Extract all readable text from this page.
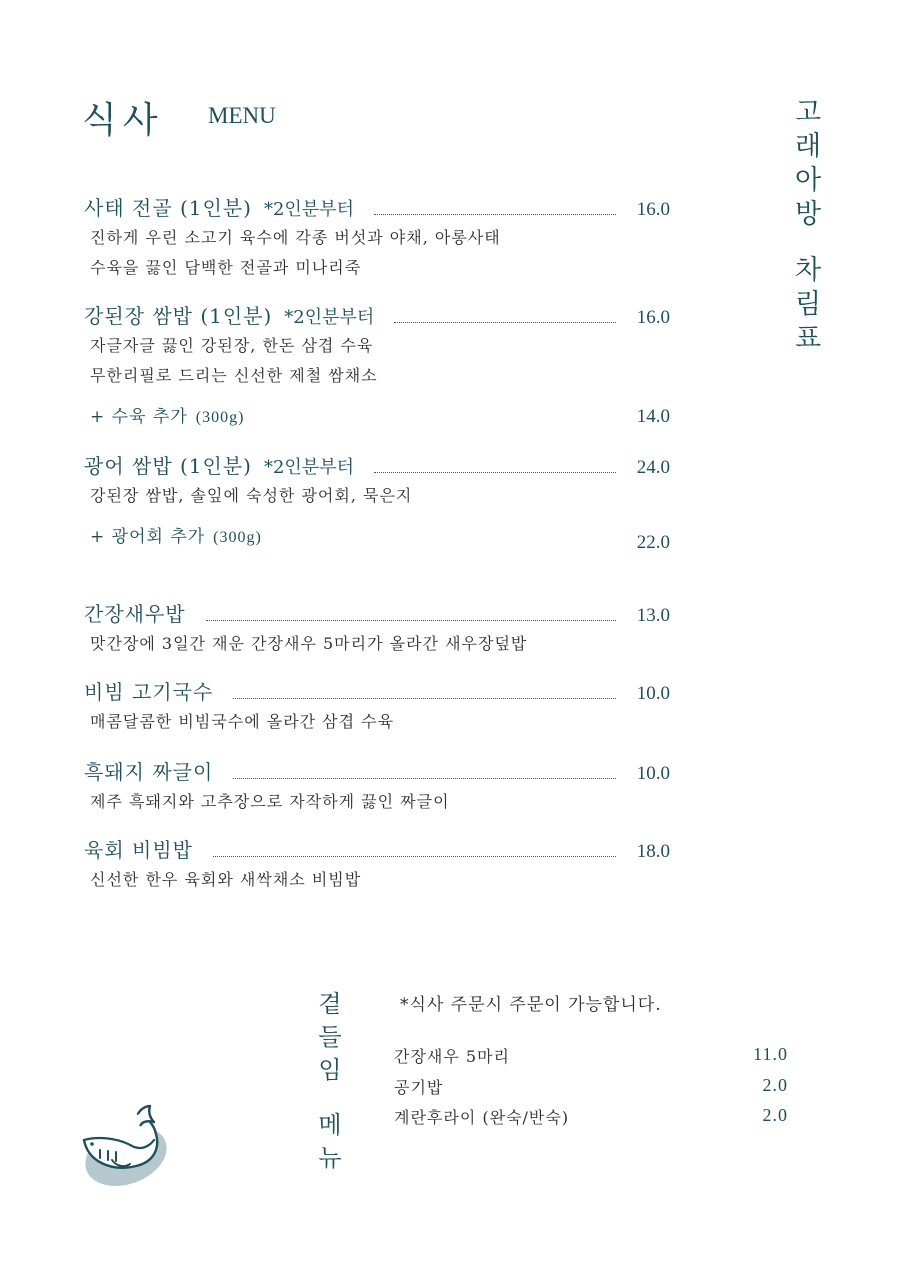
식사 MENU	고
래
아
방
차
림
표
사태 전골 (1인분) *2인분부터	16.0
진하게 우린 소고기 육수에 각종 버섯과 야채, 아롱사태
수육을 끓인 담백한 전골과 미나리죽
강된장 쌈밥 (1인분) *2인분부터	16.0
자글자글 끓인 강된장, 한돈 삼겹 수육
무한리필로 드리는 신선한 제철 쌈채소
+ 수육 추가 (300g)	14.0
광어 쌈밥 (1인분) *2인분부터	24.0
강된장 쌈밥, 솔잎에 숙성한 광어회, 묵은지
+ 광어회 추가 (300g)	22.0
간장새우밥	13.0
맛간장에 3일간 재운 간장새우 5마리가 올라간 새우장덮밥
비빔 고기국수	10.0
매콤달콤한 비빔국수에 올라간 삼겹 수육
흑돼지 짜글이	10.0
제주 흑돼지와 고추장으로 자작하게 끓인 짜글이
육회 비빔밥	18.0
신선한 한우 육회와 새싹채소 비빔밥
곁
들
임
메
뉴
*식사 주문시 주문이 가능합니다.
간장새우 5마리	11.0
공기밥	2.0
계란후라이 (완숙/반숙)	2.0
